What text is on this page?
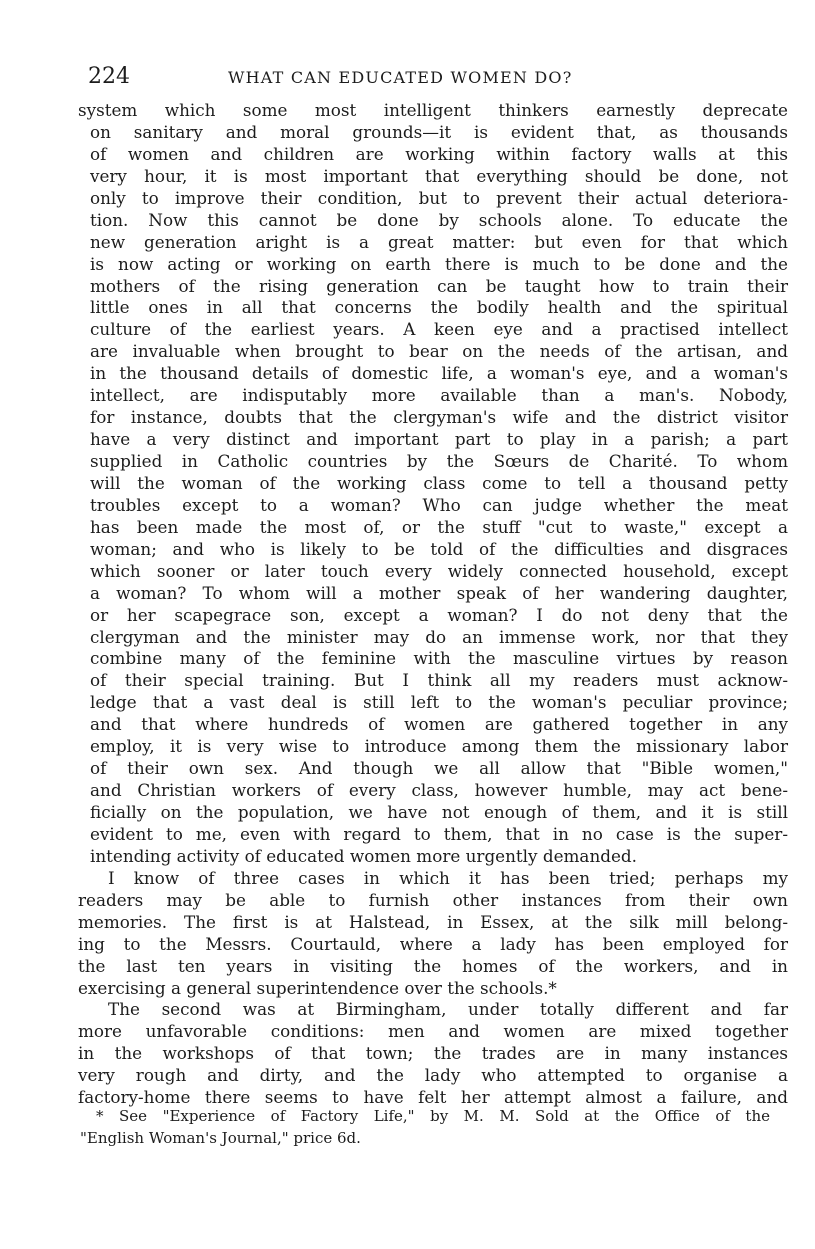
224	WHAT CAN EDUCATED WOMEN DO?
system which some most intelligent thinkers earnestly deprecate
on sanitary and moral grounds—it is evident that, as thousands
of women and children are working within factory walls at this
very hour, it is most important that everything should be done, not
only to improve their condition, but to prevent their actual deteriora-
tion. Now this cannot be done by schools alone. To educate the
new generation aright is a great matter: but even for that which
is now acting or working on earth there is much to be done and the
mothers of the rising generation can be taught how to train their
little ones in all that concerns the bodily health and the spiritual
culture of the earliest years. A keen eye and a practised intellect
are invaluable when brought to bear on the needs of the artisan, and
in the thousand details of domestic life, a woman's eye, and a woman's
intellect, are indisputably more available than a man's. Nobody,
for instance, doubts that the clergyman's wife and the district visitor
have a very distinct and important part to play in a parish; a part
supplied in Catholic countries by the Sœurs de Charité. To whom
will the woman of the working class come to tell a thousand petty
troubles except to a woman? Who can judge whether the meat
has been made the most of, or the stuff "cut to waste," except a
woman; and who is likely to be told of the difficulties and disgraces
which sooner or later touch every widely connected household, except
a woman? To whom will a mother speak of her wandering daughter,
or her scapegrace son, except a woman? I do not deny that the
clergyman and the minister may do an immense work, nor that they
combine many of the feminine with the masculine virtues by reason
of their special training. But I think all my readers must acknow-
ledge that a vast deal is still left to the woman's peculiar province;
and that where hundreds of women are gathered together in any
employ, it is very wise to introduce among them the missionary labor
of their own sex. And though we all allow that "Bible women,"
and Christian workers of every class, however humble, may act bene-
ficially on the population, we have not enough of them, and it is still
evident to me, even with regard to them, that in no case is the super-
intending activity of educated women more urgently demanded.
I know of three cases in which it has been tried; perhaps my
readers may be able to furnish other instances from their own
memories. The first is at Halstead, in Essex, at the silk mill belong-
ing to the Messrs. Courtauld, where a lady has been employed for
the last ten years in visiting the homes of the workers, and in
exercising a general superintendence over the schools.*
The second was at Birmingham, under totally different and far
more unfavorable conditions: men and women are mixed together
in the workshops of that town; the trades are in many instances
very rough and dirty, and the lady who attempted to organise a
factory-home there seems to have felt her attempt almost a failure, and
* See "Experience of Factory Life," by M. M. Sold at the Office of the
"English Woman's Journal," price 6d.
